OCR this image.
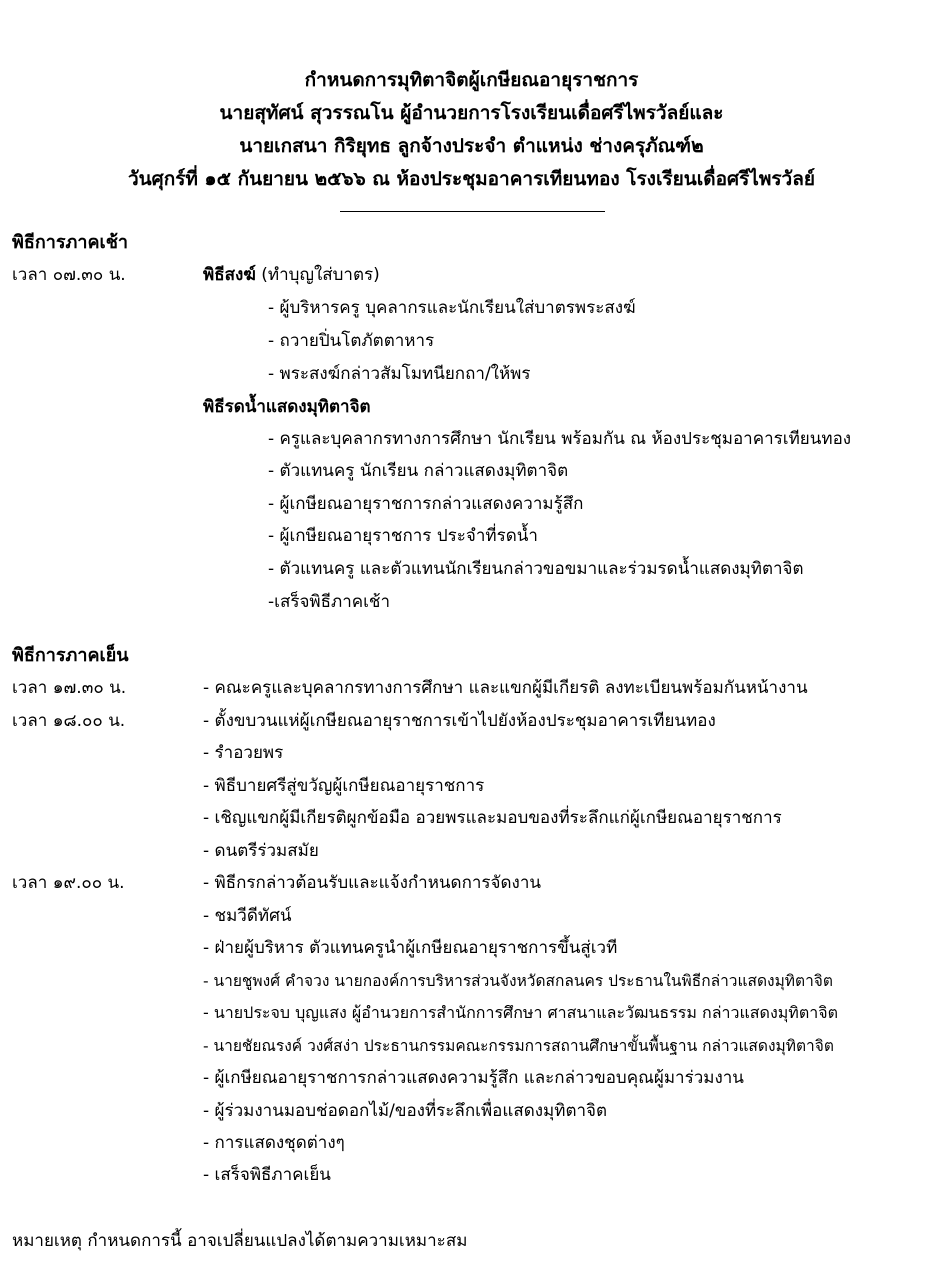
กำหนดการมุทิตาจิตผู้เกษียณอายุราชการ
นายสุทัศน์ สุวรรณโน ผู้อำนวยการโรงเรียนเดื่อศรีไพรวัลย์และ
นายเกสนา กิริยุทธ ลูกจ้างประจำ ตำแหน่ง ช่างครุภัณฑ์๒
วันศุกร์ที่ ๑๕ กันยายน ๒๕๖๖ ณ ห้องประชุมอาคารเทียนทอง โรงเรียนเดื่อศรีไพรวัลย์
พิธีการภาคเช้า
เวลา ๐๗.๓๐ น.	พิธีสงฆ์ (ทำบุญใส่บาตร)
- ผู้บริหารครู บุคลากรและนักเรียนใส่บาตรพระสงฆ์
- ถวายปิ่นโตภัตตาหาร
- พระสงฆ์กล่าวสัมโมทนียกถา/ให้พร
พิธีรดน้ำแสดงมุทิตาจิต
- ครูและบุคลากรทางการศึกษา นักเรียน พร้อมกัน ณ ห้องประชุมอาคารเทียนทอง
- ตัวแทนครู นักเรียน กล่าวแสดงมุทิตาจิต
- ผู้เกษียณอายุราชการกล่าวแสดงความรู้สึก
- ผู้เกษียณอายุราชการ ประจำที่รดน้ำ
- ตัวแทนครู และตัวแทนนักเรียนกล่าวขอขมาและร่วมรดน้ำแสดงมุทิตาจิต
-เสร็จพิธีภาคเช้า
พิธีการภาคเย็น
เวลา ๑๗.๓๐ น.	- คณะครูและบุคลากรทางการศึกษา และแขกผู้มีเกียรติ ลงทะเบียนพร้อมกันหน้างาน
เวลา ๑๘.๐๐ น.	- ตั้งขบวนแห่ผู้เกษียณอายุราชการเข้าไปยังห้องประชุมอาคารเทียนทอง
- รำอวยพร
- พิธีบายศรีสู่ขวัญผู้เกษียณอายุราชการ
- เชิญแขกผู้มีเกียรติผูกข้อมือ อวยพรและมอบของที่ระลึกแก่ผู้เกษียณอายุราชการ
- ดนตรีร่วมสมัย
เวลา ๑๙.๐๐ น.	- พิธีกรกล่าวต้อนรับและแจ้งกำหนดการจัดงาน
- ชมวีดีทัศน์
- ฝ่ายผู้บริหาร ตัวแทนครูนำผู้เกษียณอายุราชการขึ้นสู่เวที
- นายชูพงศ์ คำจวง นายกองค์การบริหารส่วนจังหวัดสกลนคร ประธานในพิธีกล่าวแสดงมุทิตาจิต
- นายประจบ บุญแสง ผู้อำนวยการสำนักการศึกษา ศาสนาและวัฒนธรรม กล่าวแสดงมุทิตาจิต
- นายชัยณรงค์ วงศ์สง่า ประธานกรรมคณะกรรมการสถานศึกษาขั้นพื้นฐาน กล่าวแสดงมุทิตาจิต
- ผู้เกษียณอายุราชการกล่าวแสดงความรู้สึก และกล่าวขอบคุณผู้มาร่วมงาน
- ผู้ร่วมงานมอบช่อดอกไม้/ของที่ระลึกเพื่อแสดงมุทิตาจิต
- การแสดงชุดต่างๆ
- เสร็จพิธีภาคเย็น
หมายเหตุ กำหนดการนี้ อาจเปลี่ยนแปลงได้ตามความเหมาะสม
